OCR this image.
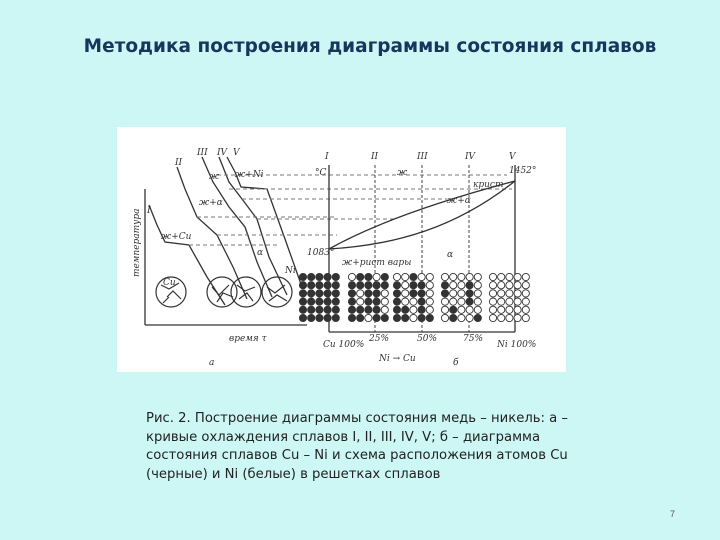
Методика построения диаграммы состояния сплавов
II
III IV
I
V
ж
ж+α
α
ж+Ni
ж+Cu
Cu
Ni
время τ
а
температура
I	II	III	IV	V
°C
1083°
1452°
ж
ж+α
крист
α
ж+рист вары
Cu 100%
25%	50%	75%
Ni 100%
Ni → Cu	б
Рис. 2. Построение диаграммы состояния медь – никель: а –
кривые охлаждения сплавов I, II, III, IV, V; б – диаграмма
состояния сплавов Cu – Ni и схема расположения атомов Cu
(черные) и Ni (белые) в решетках сплавов
7
